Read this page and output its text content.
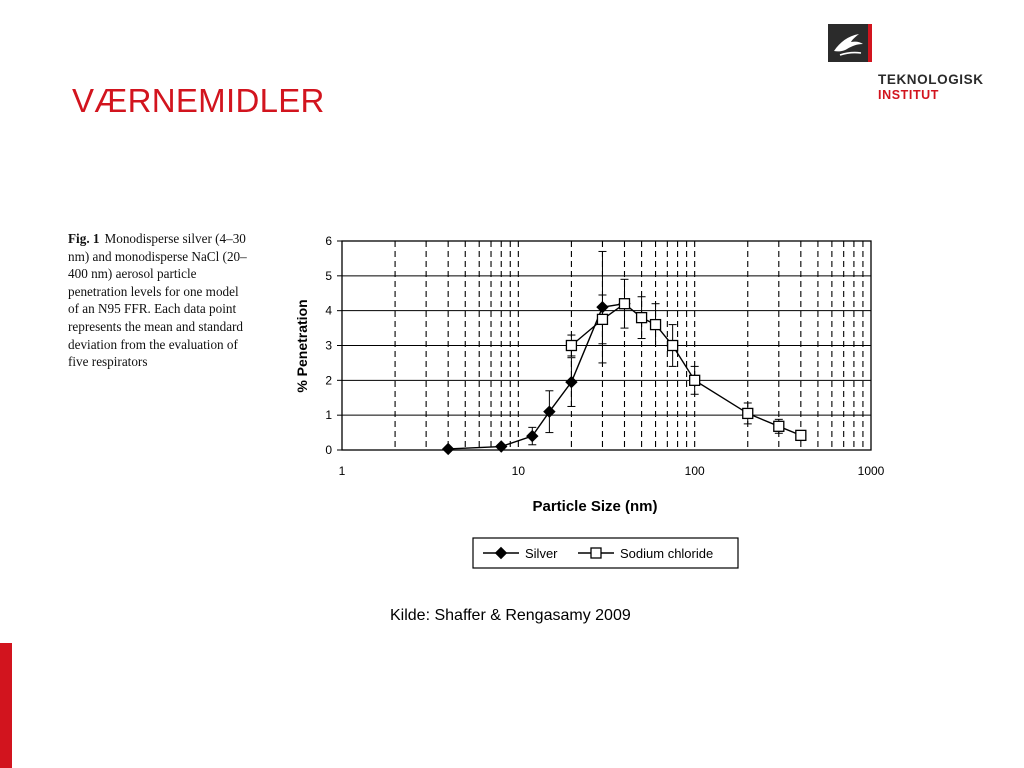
VÆRNEMIDLER
TEKNOLOGISK
INSTITUT
Fig. 1 Monodisperse silver (4–30 nm) and monodisperse NaCl (20–400 nm) aerosol particle penetration levels for one model of an N95 FFR. Each data point represents the mean and standard deviation from the evaluation of five respirators
0
1
2
3
4
5
6
1	10	100	1000
Particle Size (nm)
% Penetration
Silver	Sodium chloride
Kilde: Shaffer & Rengasamy 2009
